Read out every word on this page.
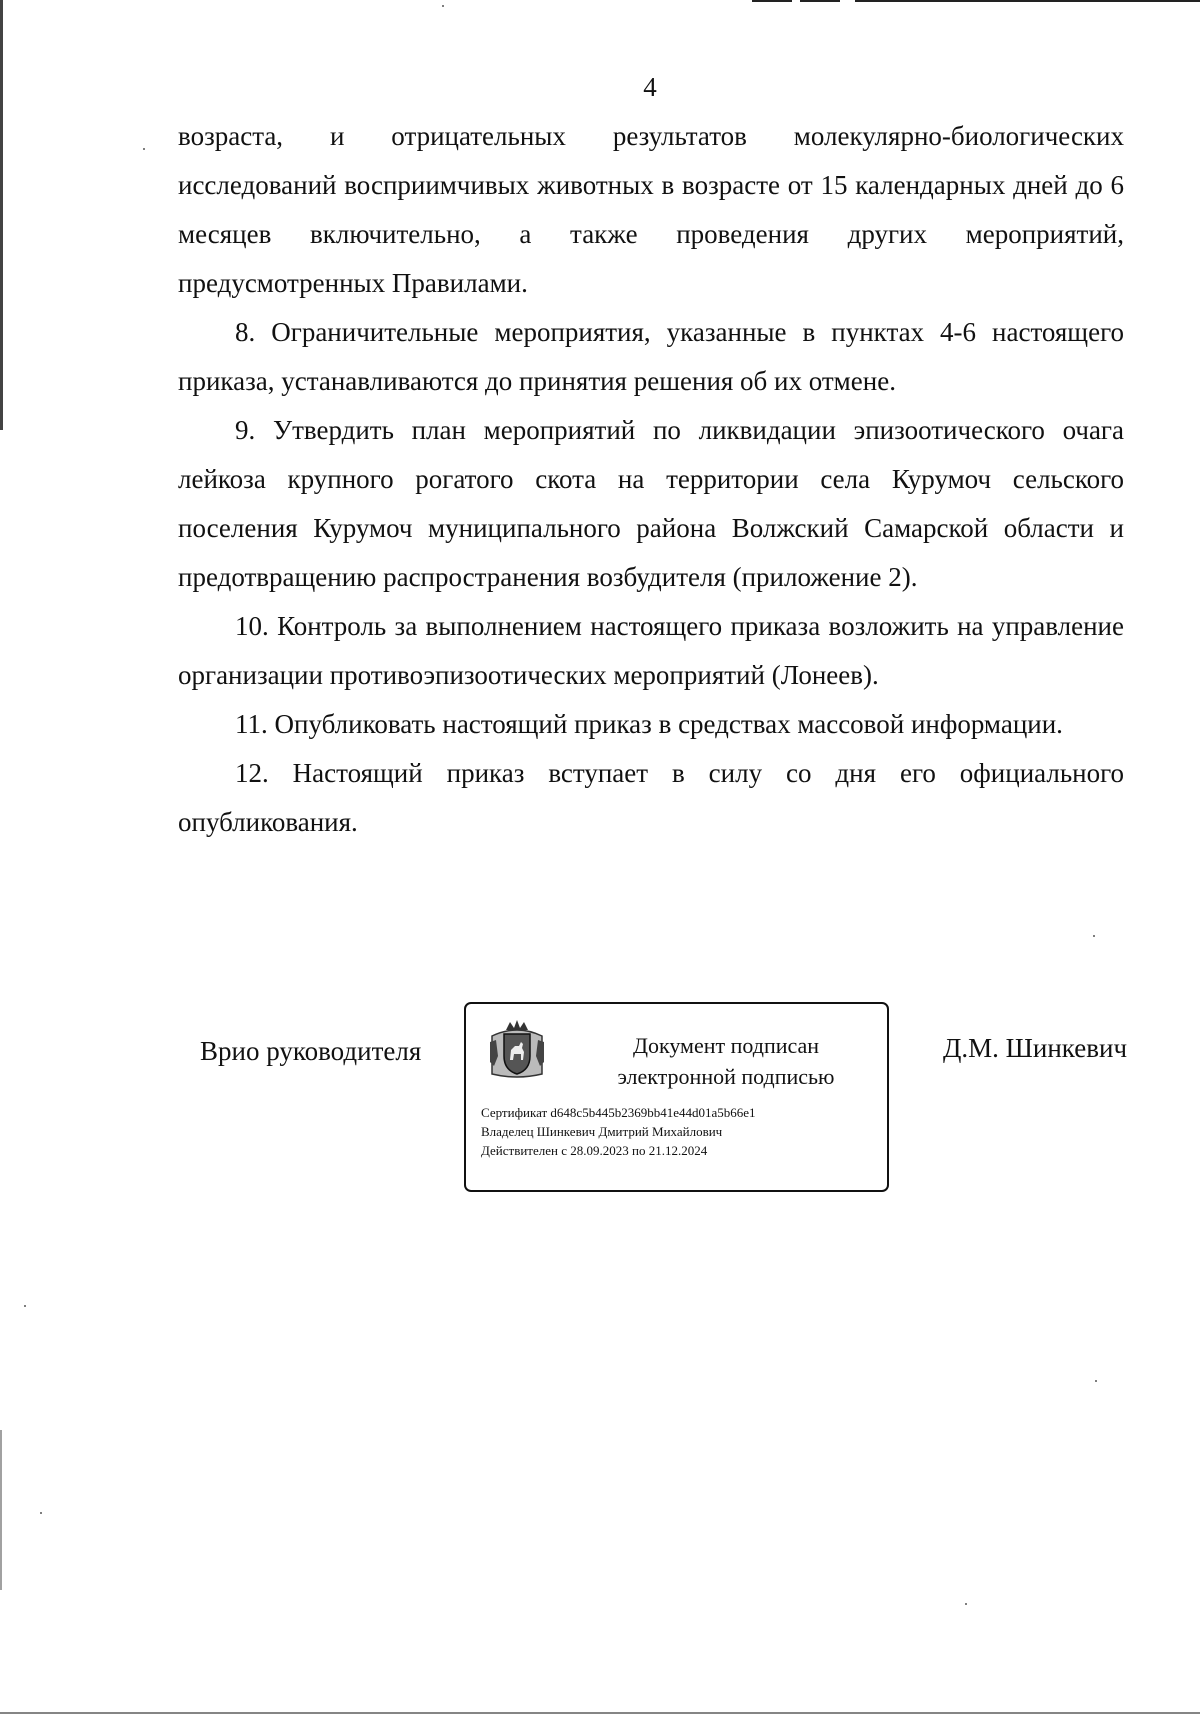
4

возраста, и отрицательных результатов молекулярно-биологических исследований восприимчивых животных в возрасте от 15 календарных дней до 6 месяцев включительно, а также проведения других мероприятий, предусмотренных Правилами.

8. Ограничительные мероприятия, указанные в пунктах 4-6 настоящего приказа, устанавливаются до принятия решения об их отмене.

9. Утвердить план мероприятий по ликвидации эпизоотического очага лейкоза крупного рогатого скота на территории села Курумоч сельского поселения Курумоч муниципального района Волжский Самарской области и предотвращению распространения возбудителя (приложение 2).

10. Контроль за выполнением настоящего приказа возложить на управление организации противоэпизоотических мероприятий (Лонеев).

11. Опубликовать настоящий приказ в средствах массовой информации.

12. Настоящий приказ вступает в силу со дня его официального опубликования.

Врио руководителя	Документ подписан
электронной подписью
Сертификат d648c5b445b2369bb41e44d01a5b66e1
Владелец Шинкевич Дмитрий Михайлович
Действителен с 28.09.2023 по 21.12.2024
Д.М. Шинкевич
